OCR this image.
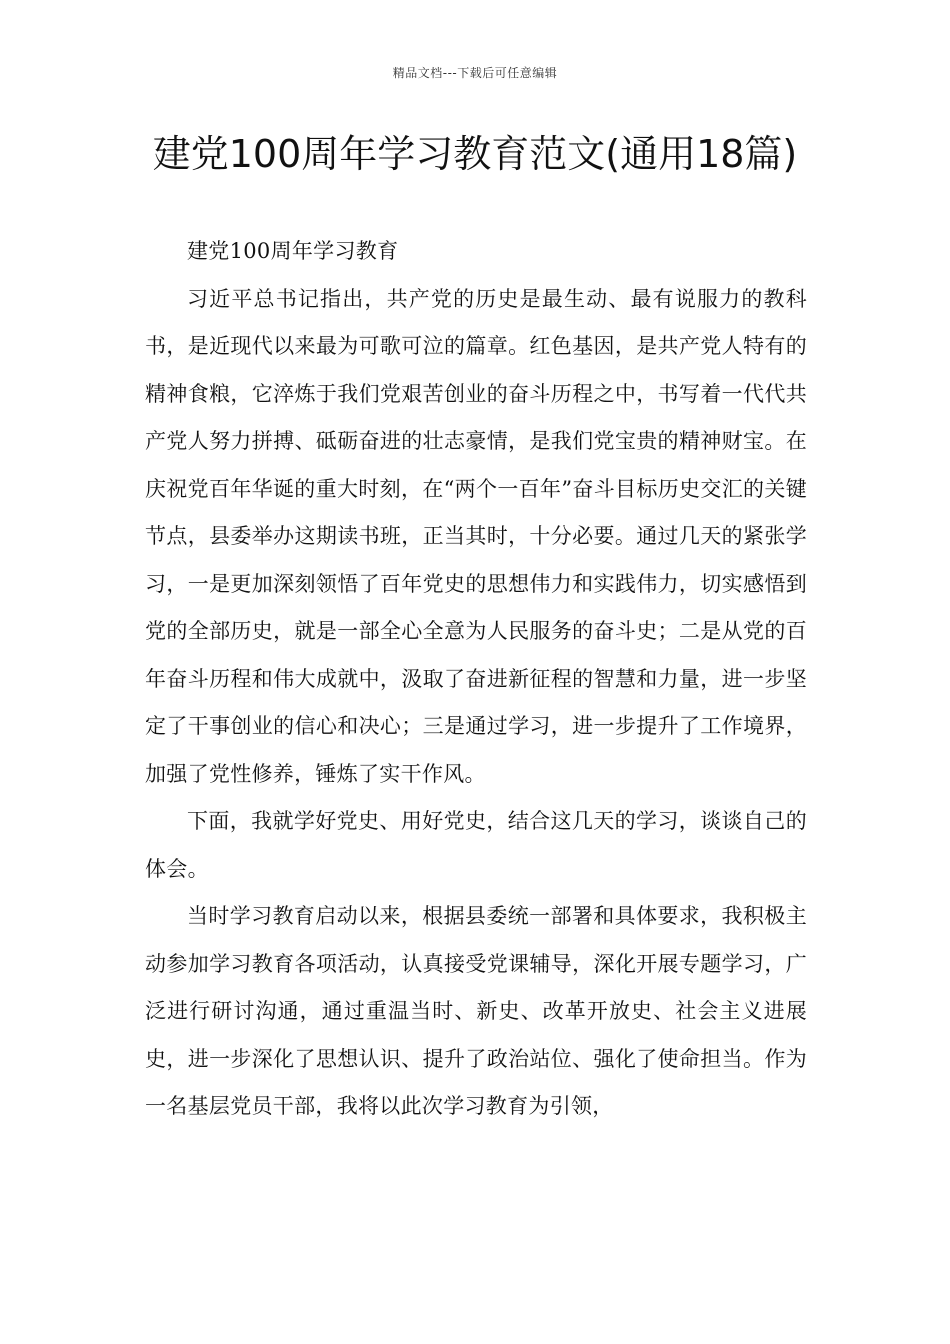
精品文档---下载后可任意编辑
建党100周年学习教育范文(通用18篇)

建党100周年学习教育

习近平总书记指出，共产党的历史是最生动、最有说服力的教科书，是近现代以来最为可歌可泣的篇章。红色基因，是共产党人特有的精神食粮，它淬炼于我们党艰苦创业的奋斗历程之中，书写着一代代共产党人努力拼搏、砥砺奋进的壮志豪情，是我们党宝贵的精神财宝。在庆祝党百年华诞的重大时刻，在“两个一百年”奋斗目标历史交汇的关键节点，县委举办这期读书班，正当其时，十分必要。通过几天的紧张学习，一是更加深刻领悟了百年党史的思想伟力和实践伟力，切实感悟到党的全部历史，就是一部全心全意为人民服务的奋斗史；二是从党的百年奋斗历程和伟大成就中，汲取了奋进新征程的智慧和力量，进一步坚定了干事创业的信心和决心；三是通过学习，进一步提升了工作境界，加强了党性修养，锤炼了实干作风。

下面，我就学好党史、用好党史，结合这几天的学习，谈谈自己的体会。

当时学习教育启动以来，根据县委统一部署和具体要求，我积极主动参加学习教育各项活动，认真接受党课辅导，深化开展专题学习，广泛进行研讨沟通，通过重温当时、新史、改革开放史、社会主义进展史，进一步深化了思想认识、提升了政治站位、强化了使命担当。作为一名基层党员干部，我将以此次学习教育为引领，
